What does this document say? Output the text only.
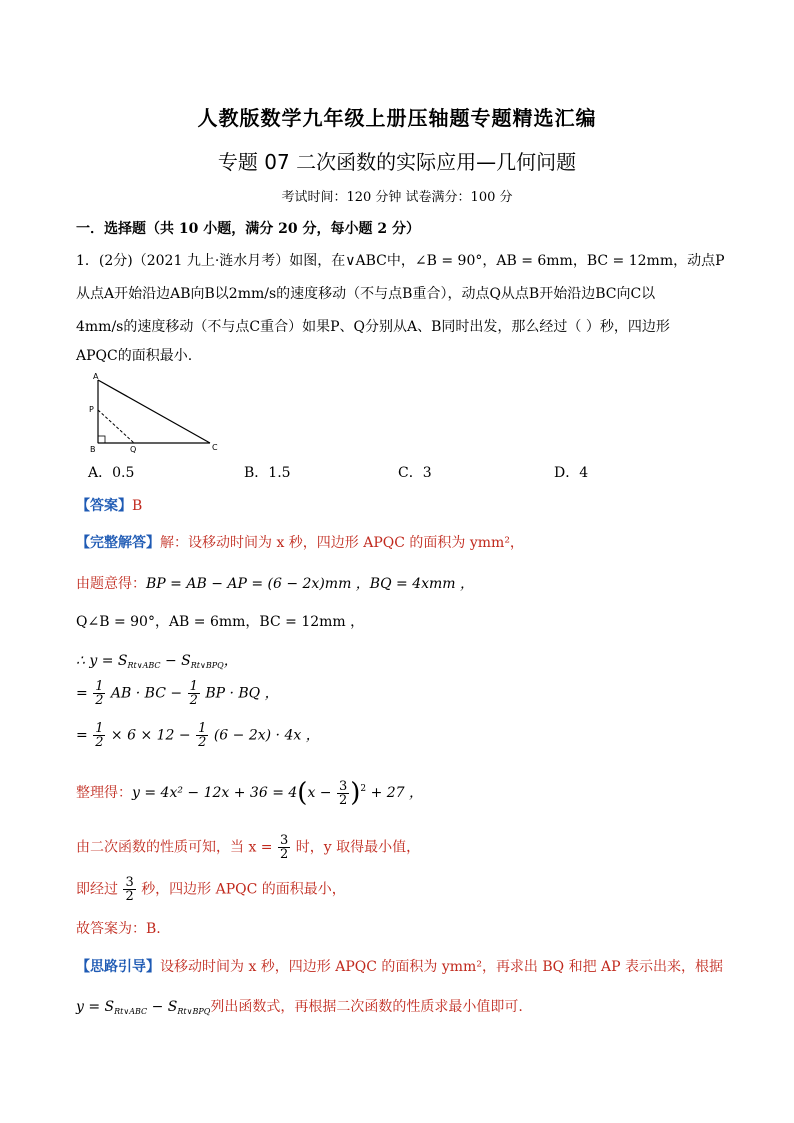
人教版数学九年级上册压轴题专题精选汇编
专题 07 二次函数的实际应用—几何问题
考试时间：120 分钟 试卷满分：100 分
一．选择题（共 10 小题，满分 20 分，每小题 2 分）
1．(2分)（2021 九上·涟水月考）如图，在∨ABC中，∠B = 90°，AB = 6mm，BC = 12mm，动点P
从点A开始沿边AB向B以2mm/s的速度移动（不与点B重合），动点Q从点B开始沿边BC向C以
4mm/s的速度移动（不与点C重合）如果P、Q分别从A、B同时出发，那么经过（ ）秒，四边形
APQC的面积最小.
A
P
B	Q	C
A．0.5	B．1.5	C．3	D．4
【答案】B
【完整解答】解：设移动时间为 x 秒，四边形 APQC 的面积为 ymm²，
由题意得：BP = AB − AP = (6 − 2x)mm ，BQ = 4xmm ，
Q∠B = 90°，AB = 6mm，BC = 12mm ，
∴ $y = S_{Rt\vee ABC} - S_{Rt\vee BPQ}$，
= $\frac{1}{2}$ AB · BC − $\frac{1}{2}$ BP · BQ ，
= $\frac{1}{2} \times 6 \times 12 - \frac{1}{2} (6 - 2x) \cdot 4x$ ，
整理得：$y = 4x^2 - 12x + 36 = 4(x - \frac{3}{2} )^2 + 27$ ，
由二次函数的性质可知，当 $x = \frac{3}{2}$ 时，y 取得最小值，
即经过 $\frac{3}{2}$ 秒，四边形 APQC 的面积最小，
故答案为：B.
【思路引导】设移动时间为 x 秒，四边形 APQC 的面积为 ymm²，再求出 BQ 和把 AP 表示出来，根据
$y = S_{Rt\vee ABC} - S_{Rt\vee BPQ}$列出函数式，再根据二次函数的性质求最小值即可.
